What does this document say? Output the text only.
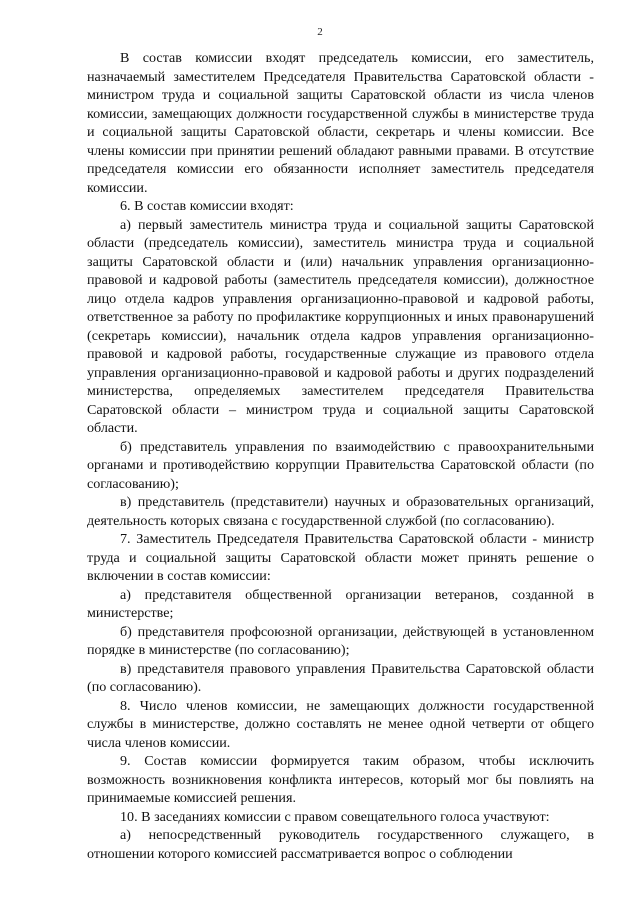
2

В состав комиссии входят председатель комиссии, его заместитель, назначаемый заместителем Председателя Правительства Саратовской области - министром труда и социальной защиты Саратовской области из числа членов комиссии, замещающих должности государственной службы в министерстве труда и социальной защиты Саратовской области, секретарь и члены комиссии. Все члены комиссии при принятии решений обладают равными правами. В отсутствие председателя комиссии его обязанности исполняет заместитель председателя комиссии.

6. В состав комиссии входят:

а) первый заместитель министра труда и социальной защиты Саратовской области (председатель комиссии), заместитель министра труда и социальной защиты Саратовской области и (или) начальник управления организационно-правовой и кадровой работы (заместитель председателя комиссии), должностное лицо отдела кадров управления организационно-правовой и кадровой работы, ответственное за работу по профилактике коррупционных и иных правонарушений (секретарь комиссии), начальник отдела кадров управления организационно-правовой и кадровой работы, государственные служащие из правового отдела управления организационно-правовой и кадровой работы и других подразделений министерства, определяемых заместителем председателя Правительства Саратовской области – министром труда и социальной защиты Саратовской области.

б) представитель управления по взаимодействию с правоохранительными органами и противодействию коррупции Правительства Саратовской области (по согласованию);

в) представитель (представители) научных и образовательных организаций, деятельность которых связана с государственной службой (по согласованию).

7. Заместитель Председателя Правительства Саратовской области - министр труда и социальной защиты Саратовской области может принять решение о включении в состав комиссии:

а) представителя общественной организации ветеранов, созданной в министерстве;

б) представителя профсоюзной организации, действующей в установленном порядке в министерстве (по согласованию);

в) представителя правового управления Правительства Саратовской области (по согласованию).

8. Число членов комиссии, не замещающих должности государственной службы в министерстве, должно составлять не менее одной четверти от общего числа членов комиссии.

9. Состав комиссии формируется таким образом, чтобы исключить возможность возникновения конфликта интересов, который мог бы повлиять на принимаемые комиссией решения.

10. В заседаниях комиссии с правом совещательного голоса участвуют:

а) непосредственный руководитель государственного служащего, в отношении которого комиссией рассматривается вопрос о соблюдении
